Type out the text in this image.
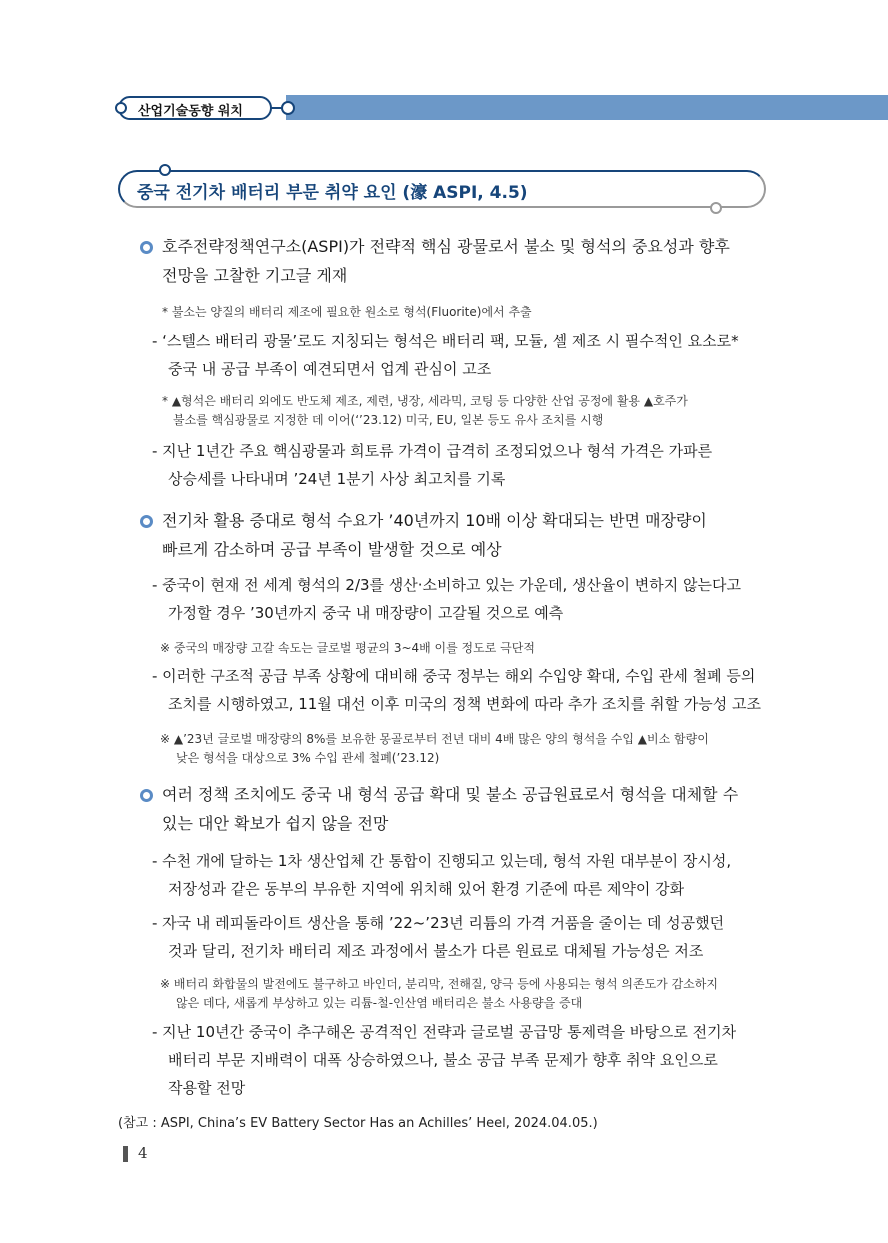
산업기술동향 워치
중국 전기차 배터리 부문 취약 요인 (濠 ASPI, 4.5)
호주전략정책연구소(ASPI)가 전략적 핵심 광물로서 불소 및 형석의 중요성과 향후
전망을 고찰한 기고글 게재
* 불소는 양질의 배터리 제조에 필요한 원소로 형석(Fluorite)에서 추출
- ‘스텔스 배터리 광물’로도 지칭되는 형석은 배터리 팩, 모듈, 셀 제조 시 필수적인 요소로*
중국 내 공급 부족이 예견되면서 업계 관심이 고조
* ▲형석은 배터리 외에도 반도체 제조, 제련, 냉장, 세라믹, 코팅 등 다양한 산업 공정에 활용 ▲호주가
불소를 핵심광물로 지정한 데 이어(‘’23.12) 미국, EU, 일본 등도 유사 조치를 시행
- 지난 1년간 주요 핵심광물과 희토류 가격이 급격히 조정되었으나 형석 가격은 가파른
상승세를 나타내며 ’24년 1분기 사상 최고치를 기록
전기차 활용 증대로 형석 수요가 ’40년까지 10배 이상 확대되는 반면 매장량이
빠르게 감소하며 공급 부족이 발생할 것으로 예상
- 중국이 현재 전 세계 형석의 2/3를 생산·소비하고 있는 가운데, 생산율이 변하지 않는다고
가정할 경우 ’30년까지 중국 내 매장량이 고갈될 것으로 예측
※ 중국의 매장량 고갈 속도는 글로벌 평균의 3~4배 이를 정도로 극단적
- 이러한 구조적 공급 부족 상황에 대비해 중국 정부는 해외 수입양 확대, 수입 관세 철폐 등의
조치를 시행하였고, 11월 대선 이후 미국의 정책 변화에 따라 추가 조치를 취할 가능성 고조
※ ▲’23년 글로벌 매장량의 8%를 보유한 몽골로부터 전년 대비 4배 많은 양의 형석을 수입 ▲비소 함량이
낮은 형석을 대상으로 3% 수입 관세 철폐(’23.12)
여러 정책 조치에도 중국 내 형석 공급 확대 및 불소 공급원료로서 형석을 대체할 수
있는 대안 확보가 쉽지 않을 전망
- 수천 개에 달하는 1차 생산업체 간 통합이 진행되고 있는데, 형석 자원 대부분이 장시성,
저장성과 같은 동부의 부유한 지역에 위치해 있어 환경 기준에 따른 제약이 강화
- 자국 내 레피돌라이트 생산을 통해 ’22~’23년 리튬의 가격 거품을 줄이는 데 성공했던
것과 달리, 전기차 배터리 제조 과정에서 불소가 다른 원료로 대체될 가능성은 저조
※ 배터리 화합물의 발전에도 불구하고 바인더, 분리막, 전해질, 양극 등에 사용되는 형석 의존도가 감소하지
않은 데다, 새롭게 부상하고 있는 리튬-철-인산염 배터리은 불소 사용량을 증대
- 지난 10년간 중국이 추구해온 공격적인 전략과 글로벌 공급망 통제력을 바탕으로 전기차
배터리 부문 지배력이 대폭 상승하였으나, 불소 공급 부족 문제가 향후 취약 요인으로
작용할 전망
(참고 : ASPI, China’s EV Battery Sector Has an Achilles’ Heel, 2024.04.05.)
4
